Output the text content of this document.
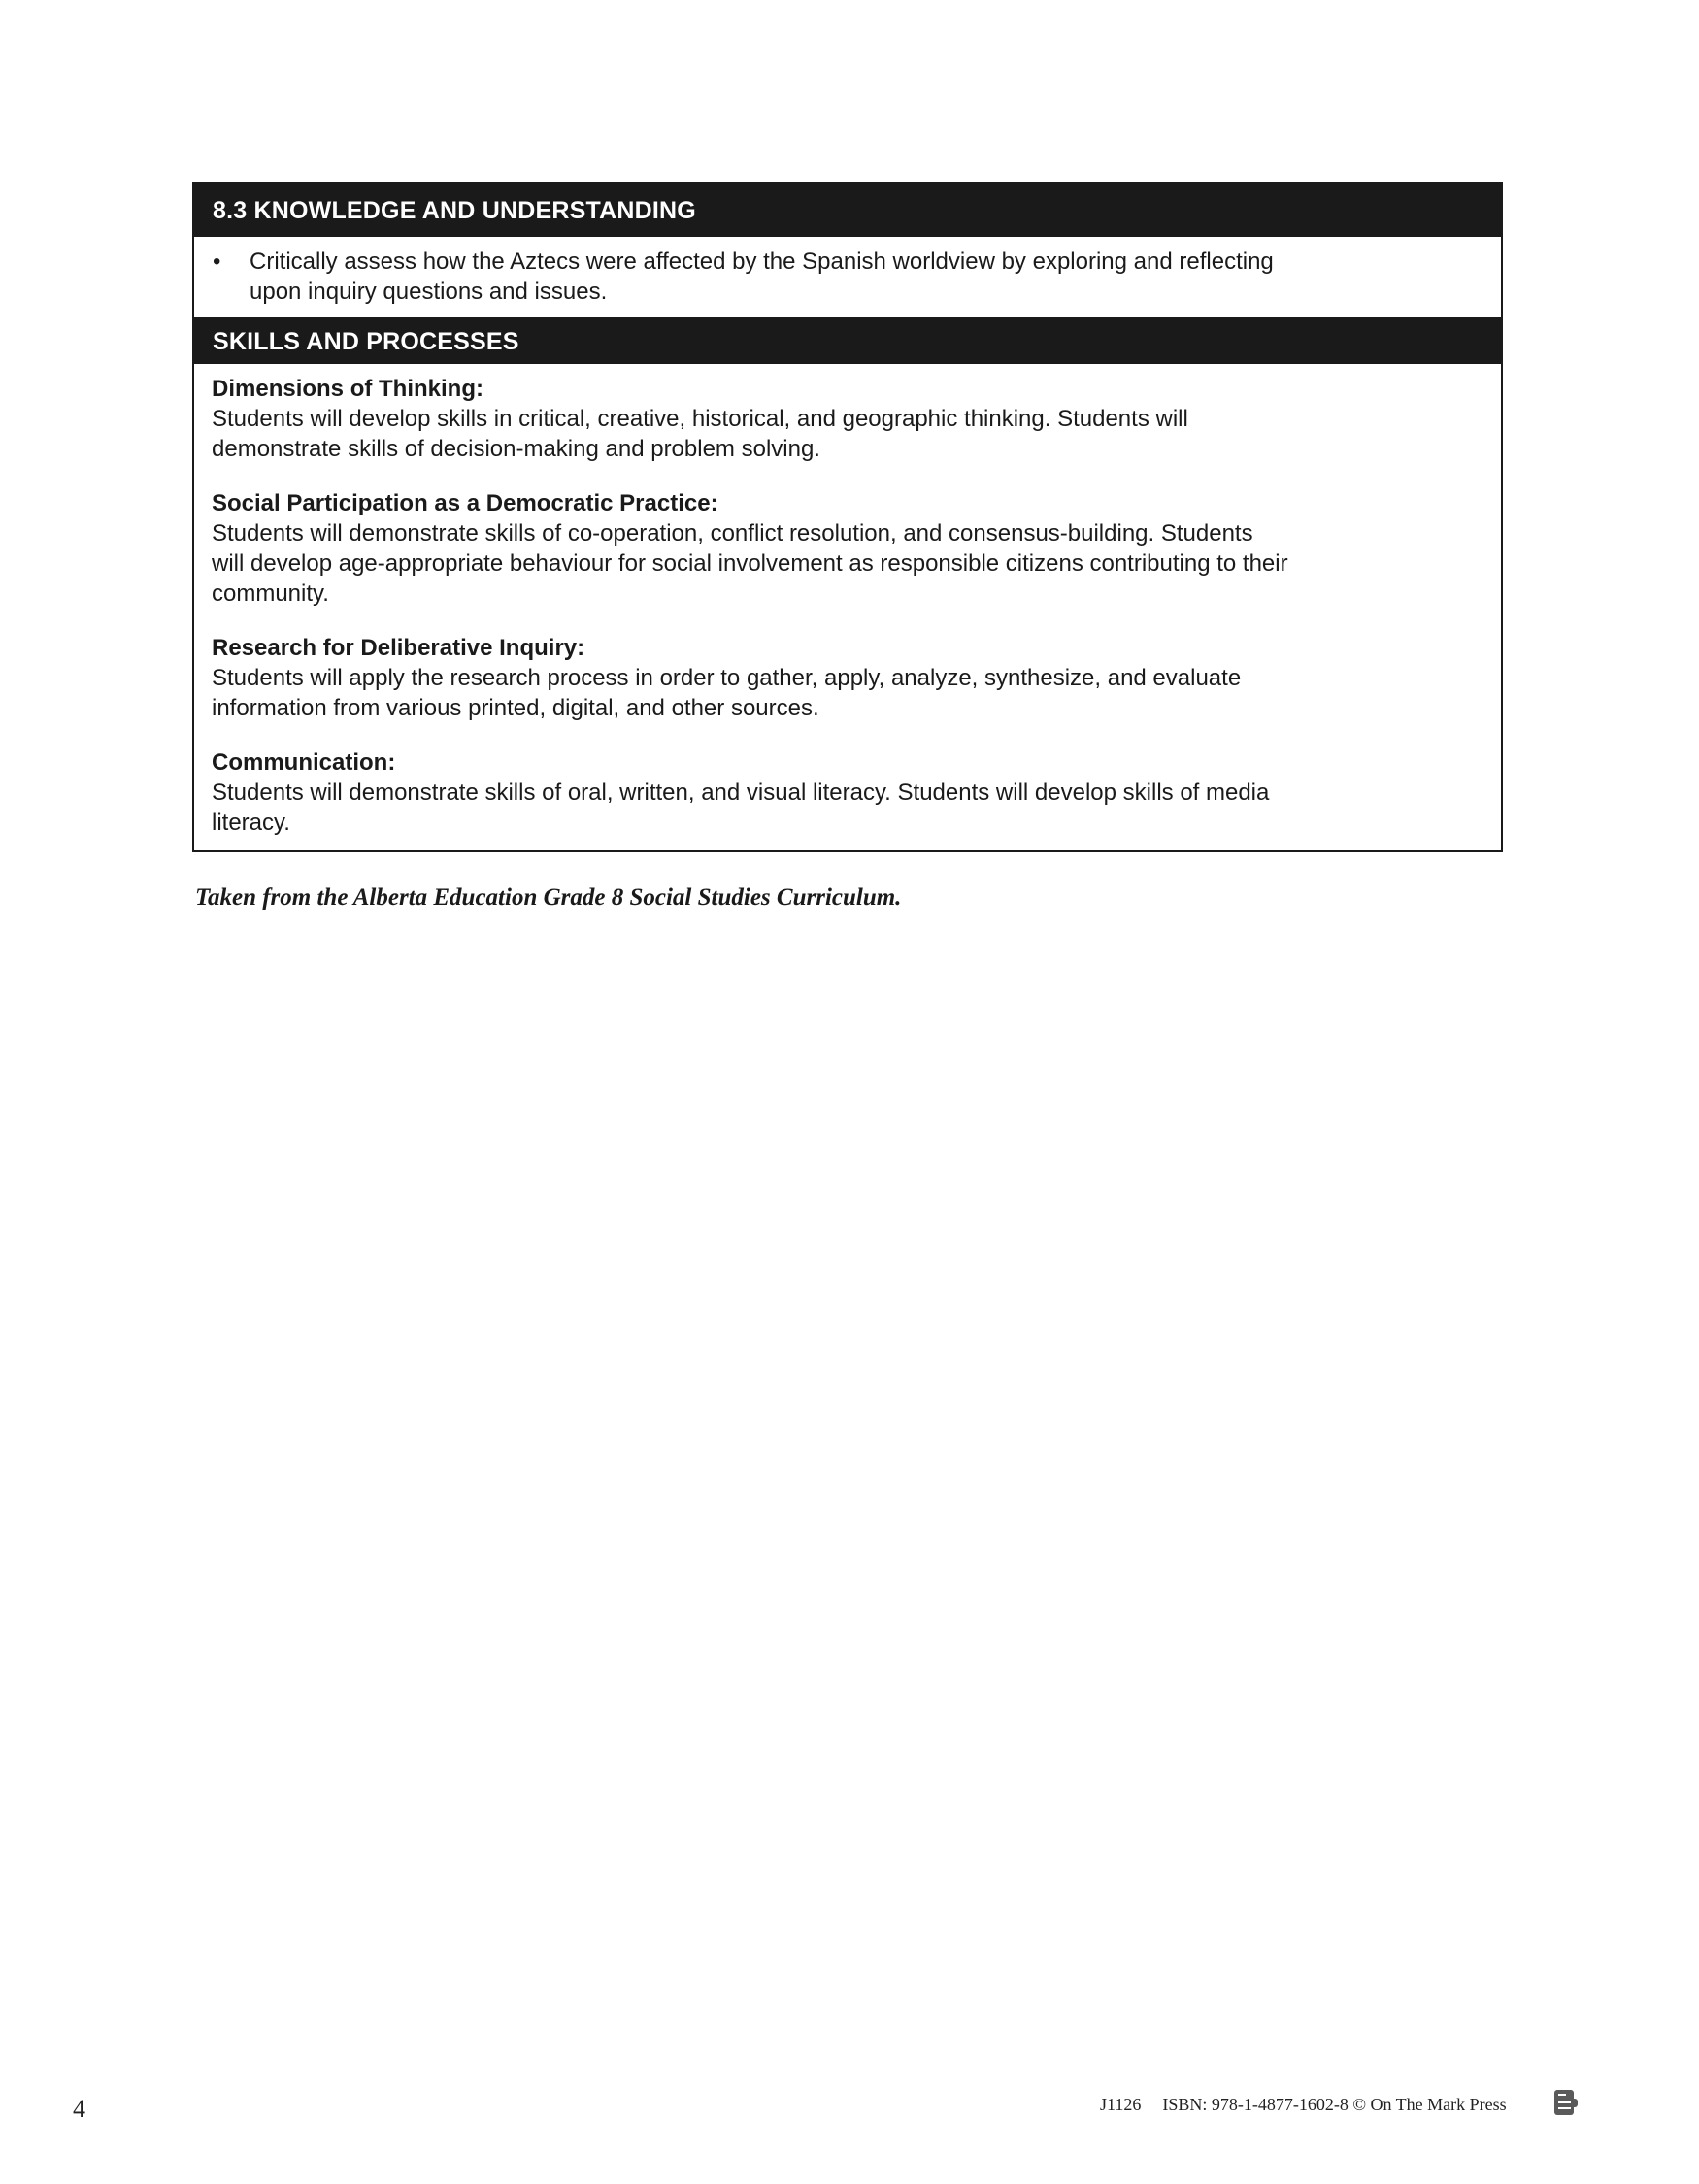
8.3 KNOWLEDGE AND UNDERSTANDING
• Critically assess how the Aztecs were affected by the Spanish worldview by exploring and reflecting
upon inquiry questions and issues.
SKILLS AND PROCESSES
Dimensions of Thinking:
Students will develop skills in critical, creative, historical, and geographic thinking. Students will
demonstrate skills of decision-making and problem solving.
Social Participation as a Democratic Practice:
Students will demonstrate skills of co-operation, conflict resolution, and consensus-building. Students
will develop age-appropriate behaviour for social involvement as responsible citizens contributing to their
community.
Research for Deliberative Inquiry:
Students will apply the research process in order to gather, apply, analyze, synthesize, and evaluate
information from various printed, digital, and other sources.
Communication:
Students will demonstrate skills of oral, written, and visual literacy. Students will develop skills of media
literacy.
Taken from the Alberta Education Grade 8 Social Studies Curriculum.
4	J1126 ISBN: 978-1-4877-1602-8 © On The Mark Press
